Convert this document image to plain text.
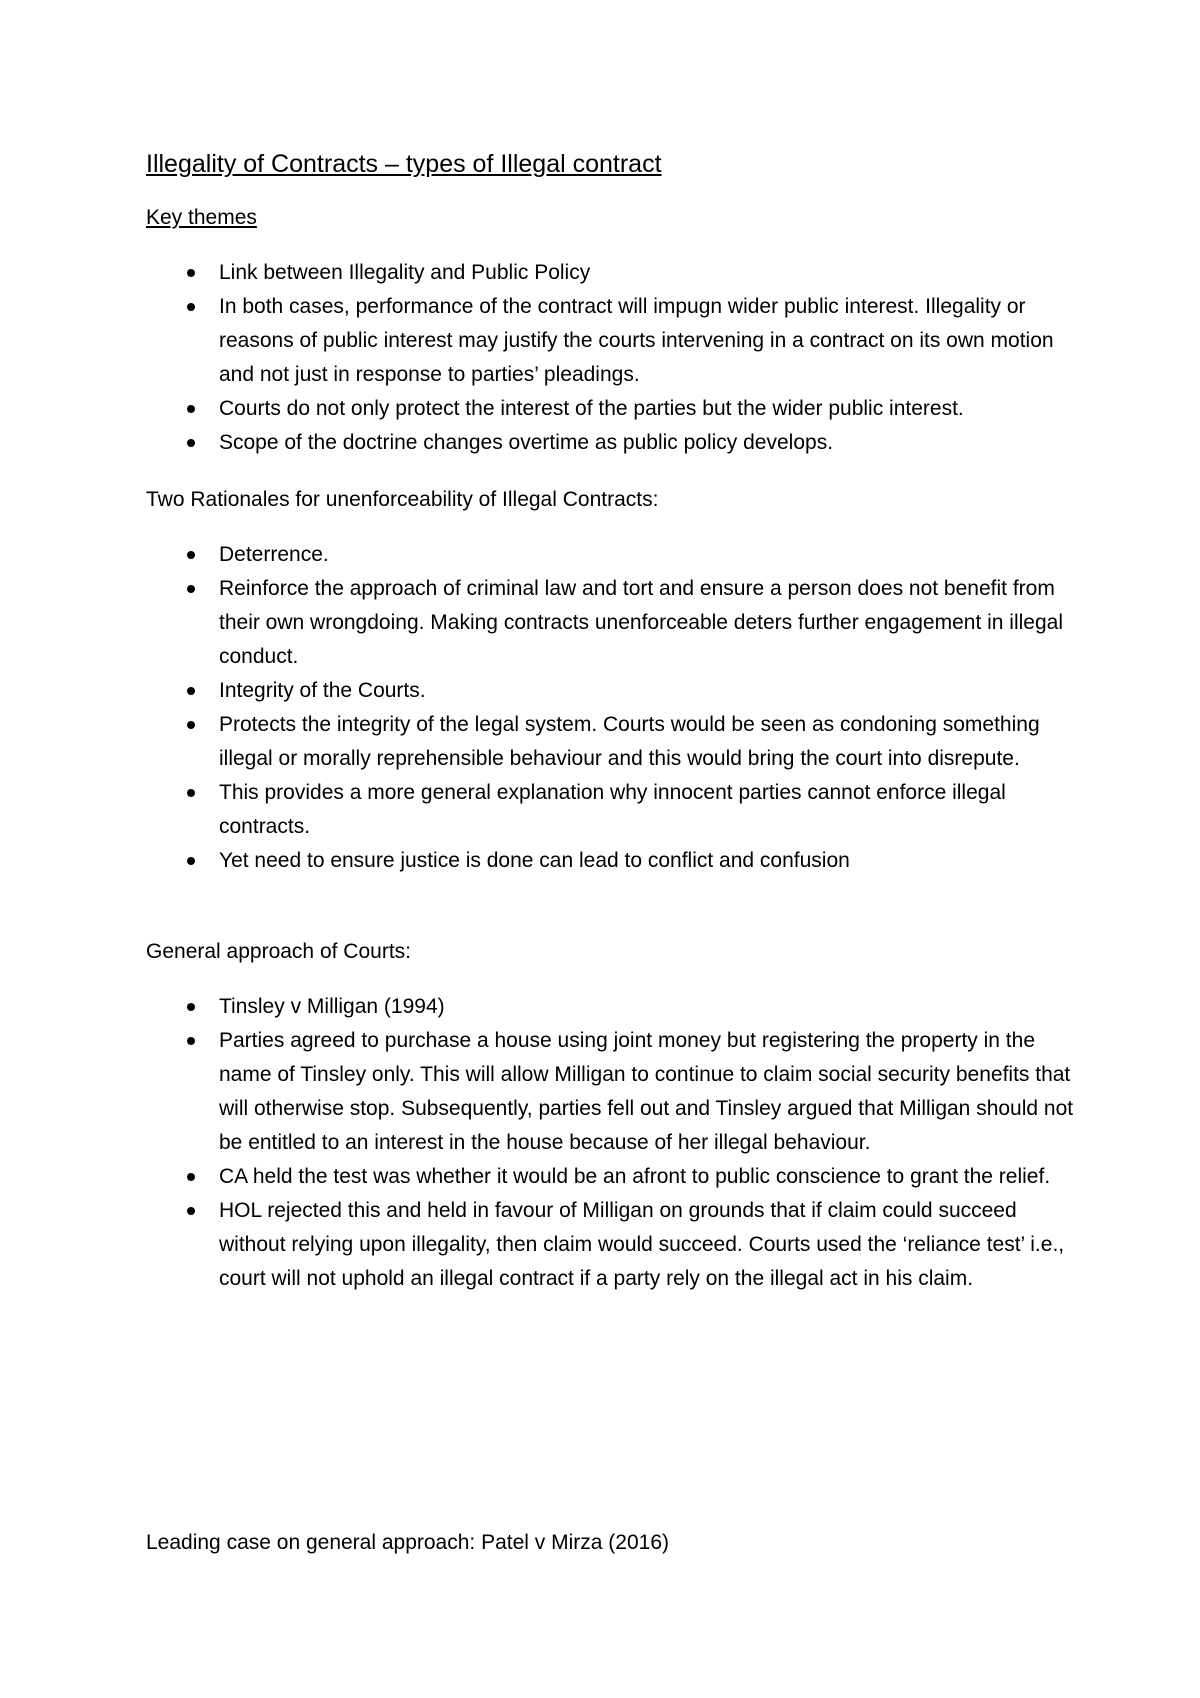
Illegality of Contracts – types of Illegal contract
Key themes
Link between Illegality and Public Policy
In both cases, performance of the contract will impugn wider public interest. Illegality or reasons of public interest may justify the courts intervening in a contract on its own motion and not just in response to parties’ pleadings.
Courts do not only protect the interest of the parties but the wider public interest.
Scope of the doctrine changes overtime as public policy develops.
Two Rationales for unenforceability of Illegal Contracts:
Deterrence.
Reinforce the approach of criminal law and tort and ensure a person does not benefit from their own wrongdoing. Making contracts unenforceable deters further engagement in illegal conduct.
Integrity of the Courts.
Protects the integrity of the legal system. Courts would be seen as condoning something illegal or morally reprehensible behaviour and this would bring the court into disrepute.
This provides a more general explanation why innocent parties cannot enforce illegal contracts.
Yet need to ensure justice is done can lead to conflict and confusion
General approach of Courts:
Tinsley v Milligan (1994)
Parties agreed to purchase a house using joint money but registering the property in the name of Tinsley only. This will allow Milligan to continue to claim social security benefits that will otherwise stop. Subsequently, parties fell out and Tinsley argued that Milligan should not be entitled to an interest in the house because of her illegal behaviour.
CA held the test was whether it would be an afront to public conscience to grant the relief.
HOL rejected this and held in favour of Milligan on grounds that if claim could succeed without relying upon illegality, then claim would succeed. Courts used the ‘reliance test’ i.e., court will not uphold an illegal contract if a party rely on the illegal act in his claim.
Leading case on general approach: Patel v Mirza (2016)
